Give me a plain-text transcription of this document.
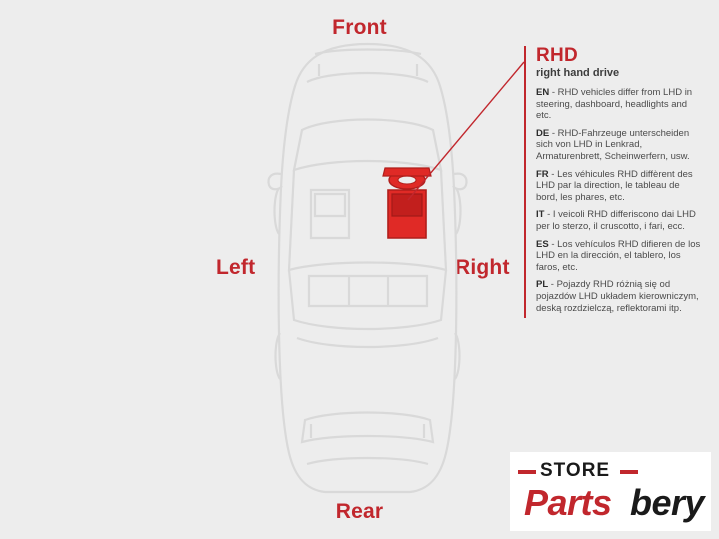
Front
Rear
Left	Right
RHD
right hand drive
EN - RHD vehicles differ from LHD in steering, dashboard, headlights and etc.
DE - RHD-Fahrzeuge unterscheiden sich von LHD in Lenkrad, Armaturenbrett, Scheinwerfern, usw.
FR - Les véhicules RHD diffèrent des LHD par la direction, le tableau de bord, les phares, etc.
IT - I veicoli RHD differiscono dai LHD per lo sterzo, il cruscotto, i fari, ecc.
ES - Los vehículos RHD difieren de los LHD en la dirección, el tablero, los faros, etc.
PL - Pojazdy RHD różnią się od pojazdów LHD układem kierowniczym, deską rozdzielczą, reflektorami itp.
STORE
Parts bery
